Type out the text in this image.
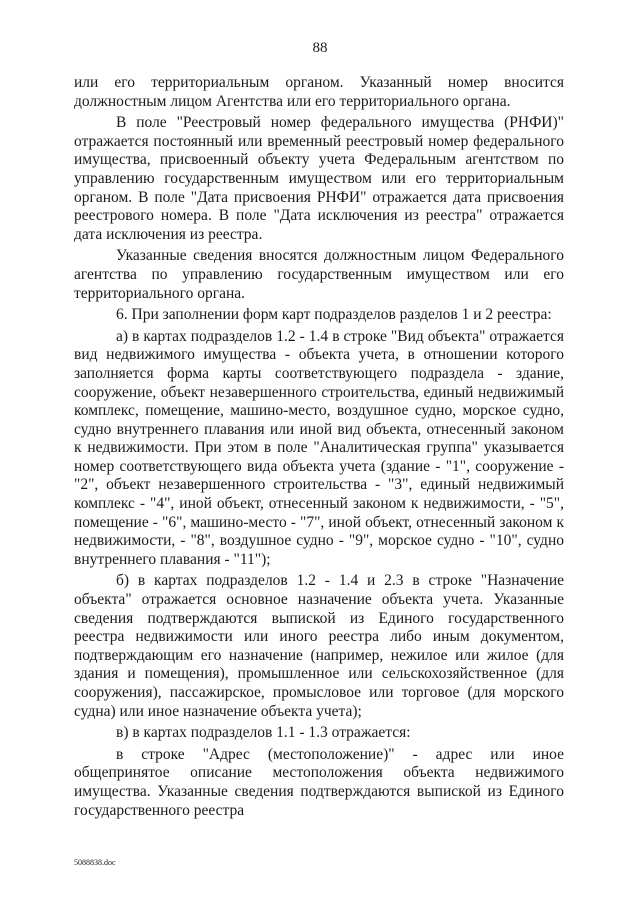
88

или его территориальным органом. Указанный номер вносится должностным лицом Агентства или его территориального органа.

В поле "Реестровый номер федерального имущества (РНФИ)" отражается постоянный или временный реестровый номер федерального имущества, присвоенный объекту учета Федеральным агентством по управлению государственным имуществом или его территориальным органом. В поле "Дата присвоения РНФИ" отражается дата присвоения реестрового номера. В поле "Дата исключения из реестра" отражается дата исключения из реестра.

Указанные сведения вносятся должностным лицом Федерального агентства по управлению государственным имуществом или его территориального органа.

6. При заполнении форм карт подразделов разделов 1 и 2 реестра:

а) в картах подразделов 1.2 - 1.4 в строке "Вид объекта" отражается вид недвижимого имущества - объекта учета, в отношении которого заполняется форма карты соответствующего подраздела - здание, сооружение, объект незавершенного строительства, единый недвижимый комплекс, помещение, машино-место, воздушное судно, морское судно, судно внутреннего плавания или иной вид объекта, отнесенный законом к недвижимости. При этом в поле "Аналитическая группа" указывается номер соответствующего вида объекта учета (здание - "1", сооружение - "2", объект незавершенного строительства - "3", единый недвижимый комплекс - "4", иной объект, отнесенный законом к недвижимости, - "5", помещение - "6", машино-место - "7", иной объект, отнесенный законом к недвижимости, - "8", воздушное судно - "9", морское судно - "10", судно внутреннего плавания - "11");

б) в картах подразделов 1.2 - 1.4 и 2.3 в строке "Назначение объекта" отражается основное назначение объекта учета. Указанные сведения подтверждаются выпиской из Единого государственного реестра недвижимости или иного реестра либо иным документом, подтверждающим его назначение (например, нежилое или жилое (для здания и помещения), промышленное или сельскохозяйственное (для сооружения), пассажирское, промысловое или торговое (для морского судна) или иное назначение объекта учета);

в) в картах подразделов 1.1 - 1.3 отражается:

в строке "Адрес (местоположение)" - адрес или иное общепринятое описание местоположения объекта недвижимого имущества. Указанные сведения подтверждаются выпиской из Единого государственного реестра

5088838.doc
